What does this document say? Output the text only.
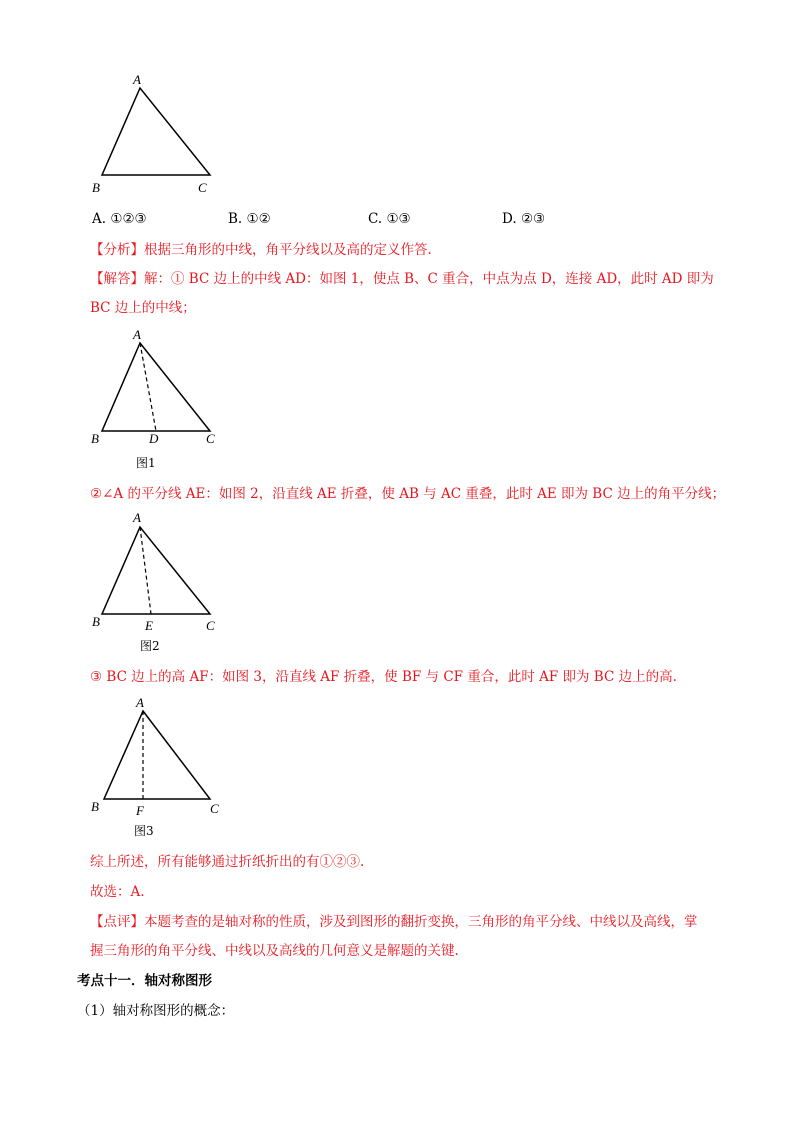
A
B	C
A. ①②③	B. ①②	C. ①③	D. ②③
【分析】根据三角形的中线，角平分线以及高的定义作答.
【解答】解：① BC 边上的中线 AD：如图 1，使点 B、C 重合，中点为点 D，连接 AD，此时 AD 即为
BC 边上的中线；
A
B	C
D
图1
②∠A 的平分线 AE：如图 2，沿直线 AE 折叠，使 AB 与 AC 重叠，此时 AE 即为 BC 边上的角平分线；
A
B	C
E
图2
③ BC 边上的高 AF：如图 3，沿直线 AF 折叠，使 BF 与 CF 重合，此时 AF 即为 BC 边上的高.
A
B	C
F
图3
综上所述，所有能够通过折纸折出的有①②③.
故选：A.
【点评】本题考查的是轴对称的性质，涉及到图形的翻折变换，三角形的角平分线、中线以及高线，掌
握三角形的角平分线、中线以及高线的几何意义是解题的关键.
考点十一．轴对称图形
（1）轴对称图形的概念：
